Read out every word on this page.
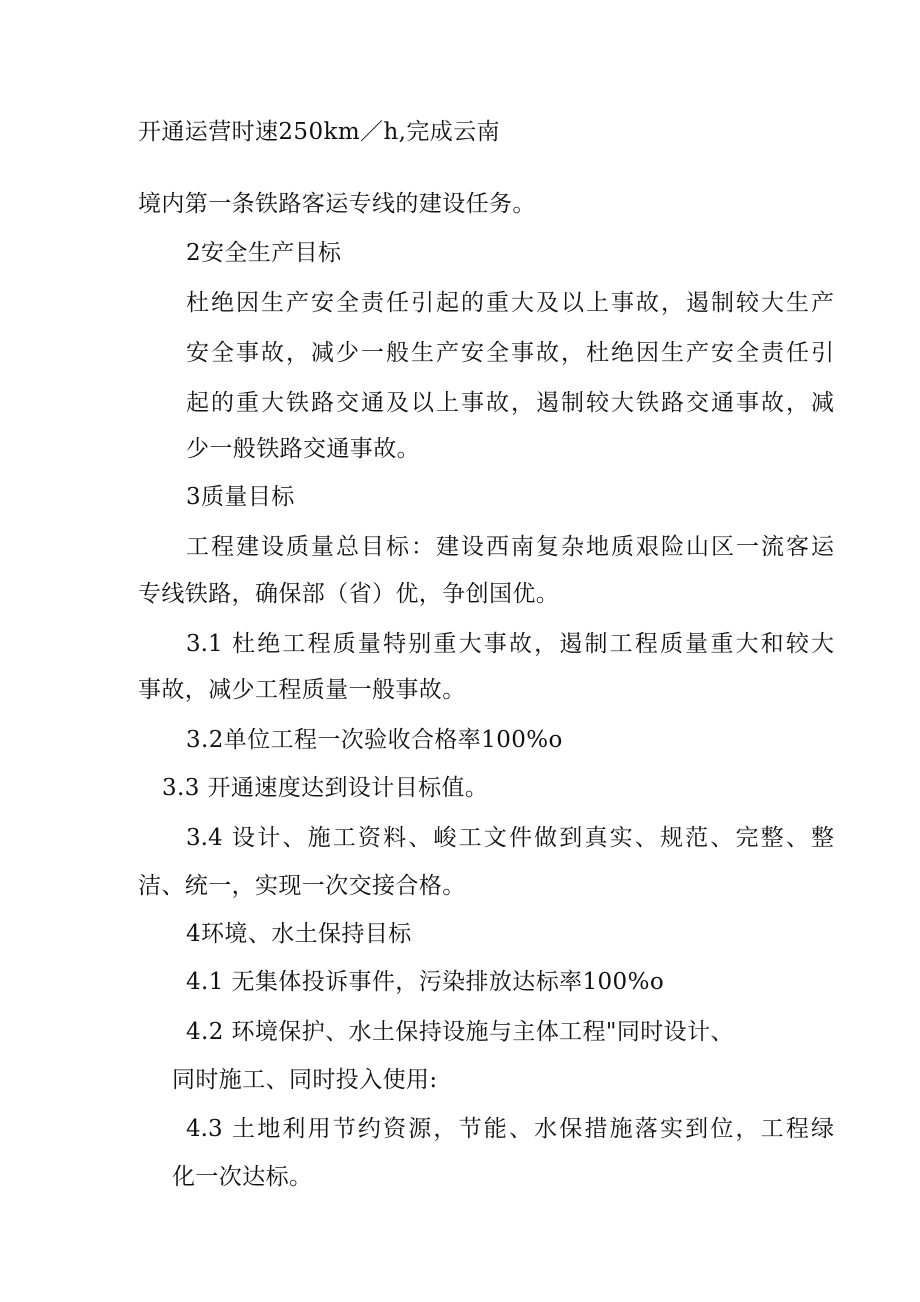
开通运营时速250km／h,完成云南
境内第一条铁路客运专线的建设任务。
2安全生产目标
杜绝因生产安全责任引起的重大及以上事故，遏制较大生产
安全事故，减少一般生产安全事故，杜绝因生产安全责任引
起的重大铁路交通及以上事故，遏制较大铁路交通事故，减
少一般铁路交通事故。
3质量目标
工程建设质量总目标：建设西南复杂地质艰险山区一流客运
专线铁路，确保部（省）优，争创国优。
3.1 杜绝工程质量特别重大事故，遏制工程质量重大和较大
事故，减少工程质量一般事故。
3.2单位工程一次验收合格率100%o
3.3 开通速度达到设计目标值。
3.4 设计、施工资料、峻工文件做到真实、规范、完整、整
洁、统一，实现一次交接合格。
4环境、水土保持目标
4.1 无集体投诉事件，污染排放达标率100%o
4.2 环境保护、水土保持设施与主体工程"同时设计、
同时施工、同时投入使用:
4.3 土地利用节约资源，节能、水保措施落实到位，工程绿
化一次达标。
